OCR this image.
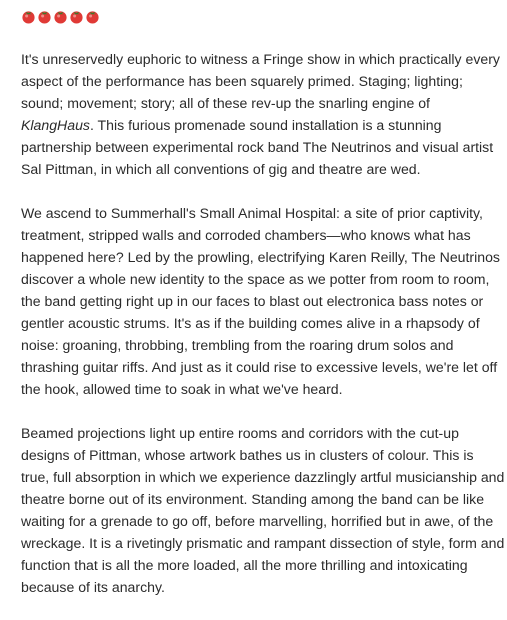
It's unreservedly euphoric to witness a Fringe show in which practically every aspect of the performance has been squarely primed. Staging; lighting; sound; movement; story; all of these rev-up the snarling engine of KlangHaus. This furious promenade sound installation is a stunning partnership between experimental rock band The Neutrinos and visual artist Sal Pittman, in which all conventions of gig and theatre are wed.

We ascend to Summerhall's Small Animal Hospital: a site of prior captivity, treatment, stripped walls and corroded chambers—who knows what has happened here? Led by the prowling, electrifying Karen Reilly, The Neutrinos discover a whole new identity to the space as we potter from room to room, the band getting right up in our faces to blast out electronica bass notes or gentler acoustic strums. It's as if the building comes alive in a rhapsody of noise: groaning, throbbing, trembling from the roaring drum solos and thrashing guitar riffs. And just as it could rise to excessive levels, we're let off the hook, allowed time to soak in what we've heard.

Beamed projections light up entire rooms and corridors with the cut-up designs of Pittman, whose artwork bathes us in clusters of colour. This is true, full absorption in which we experience dazzlingly artful musicianship and theatre borne out of its environment. Standing among the band can be like waiting for a grenade to go off, before marvelling, horrified but in awe, of the wreckage. It is a rivetingly prismatic and rampant dissection of style, form and function that is all the more loaded, all the more thrilling and intoxicating because of its anarchy.
